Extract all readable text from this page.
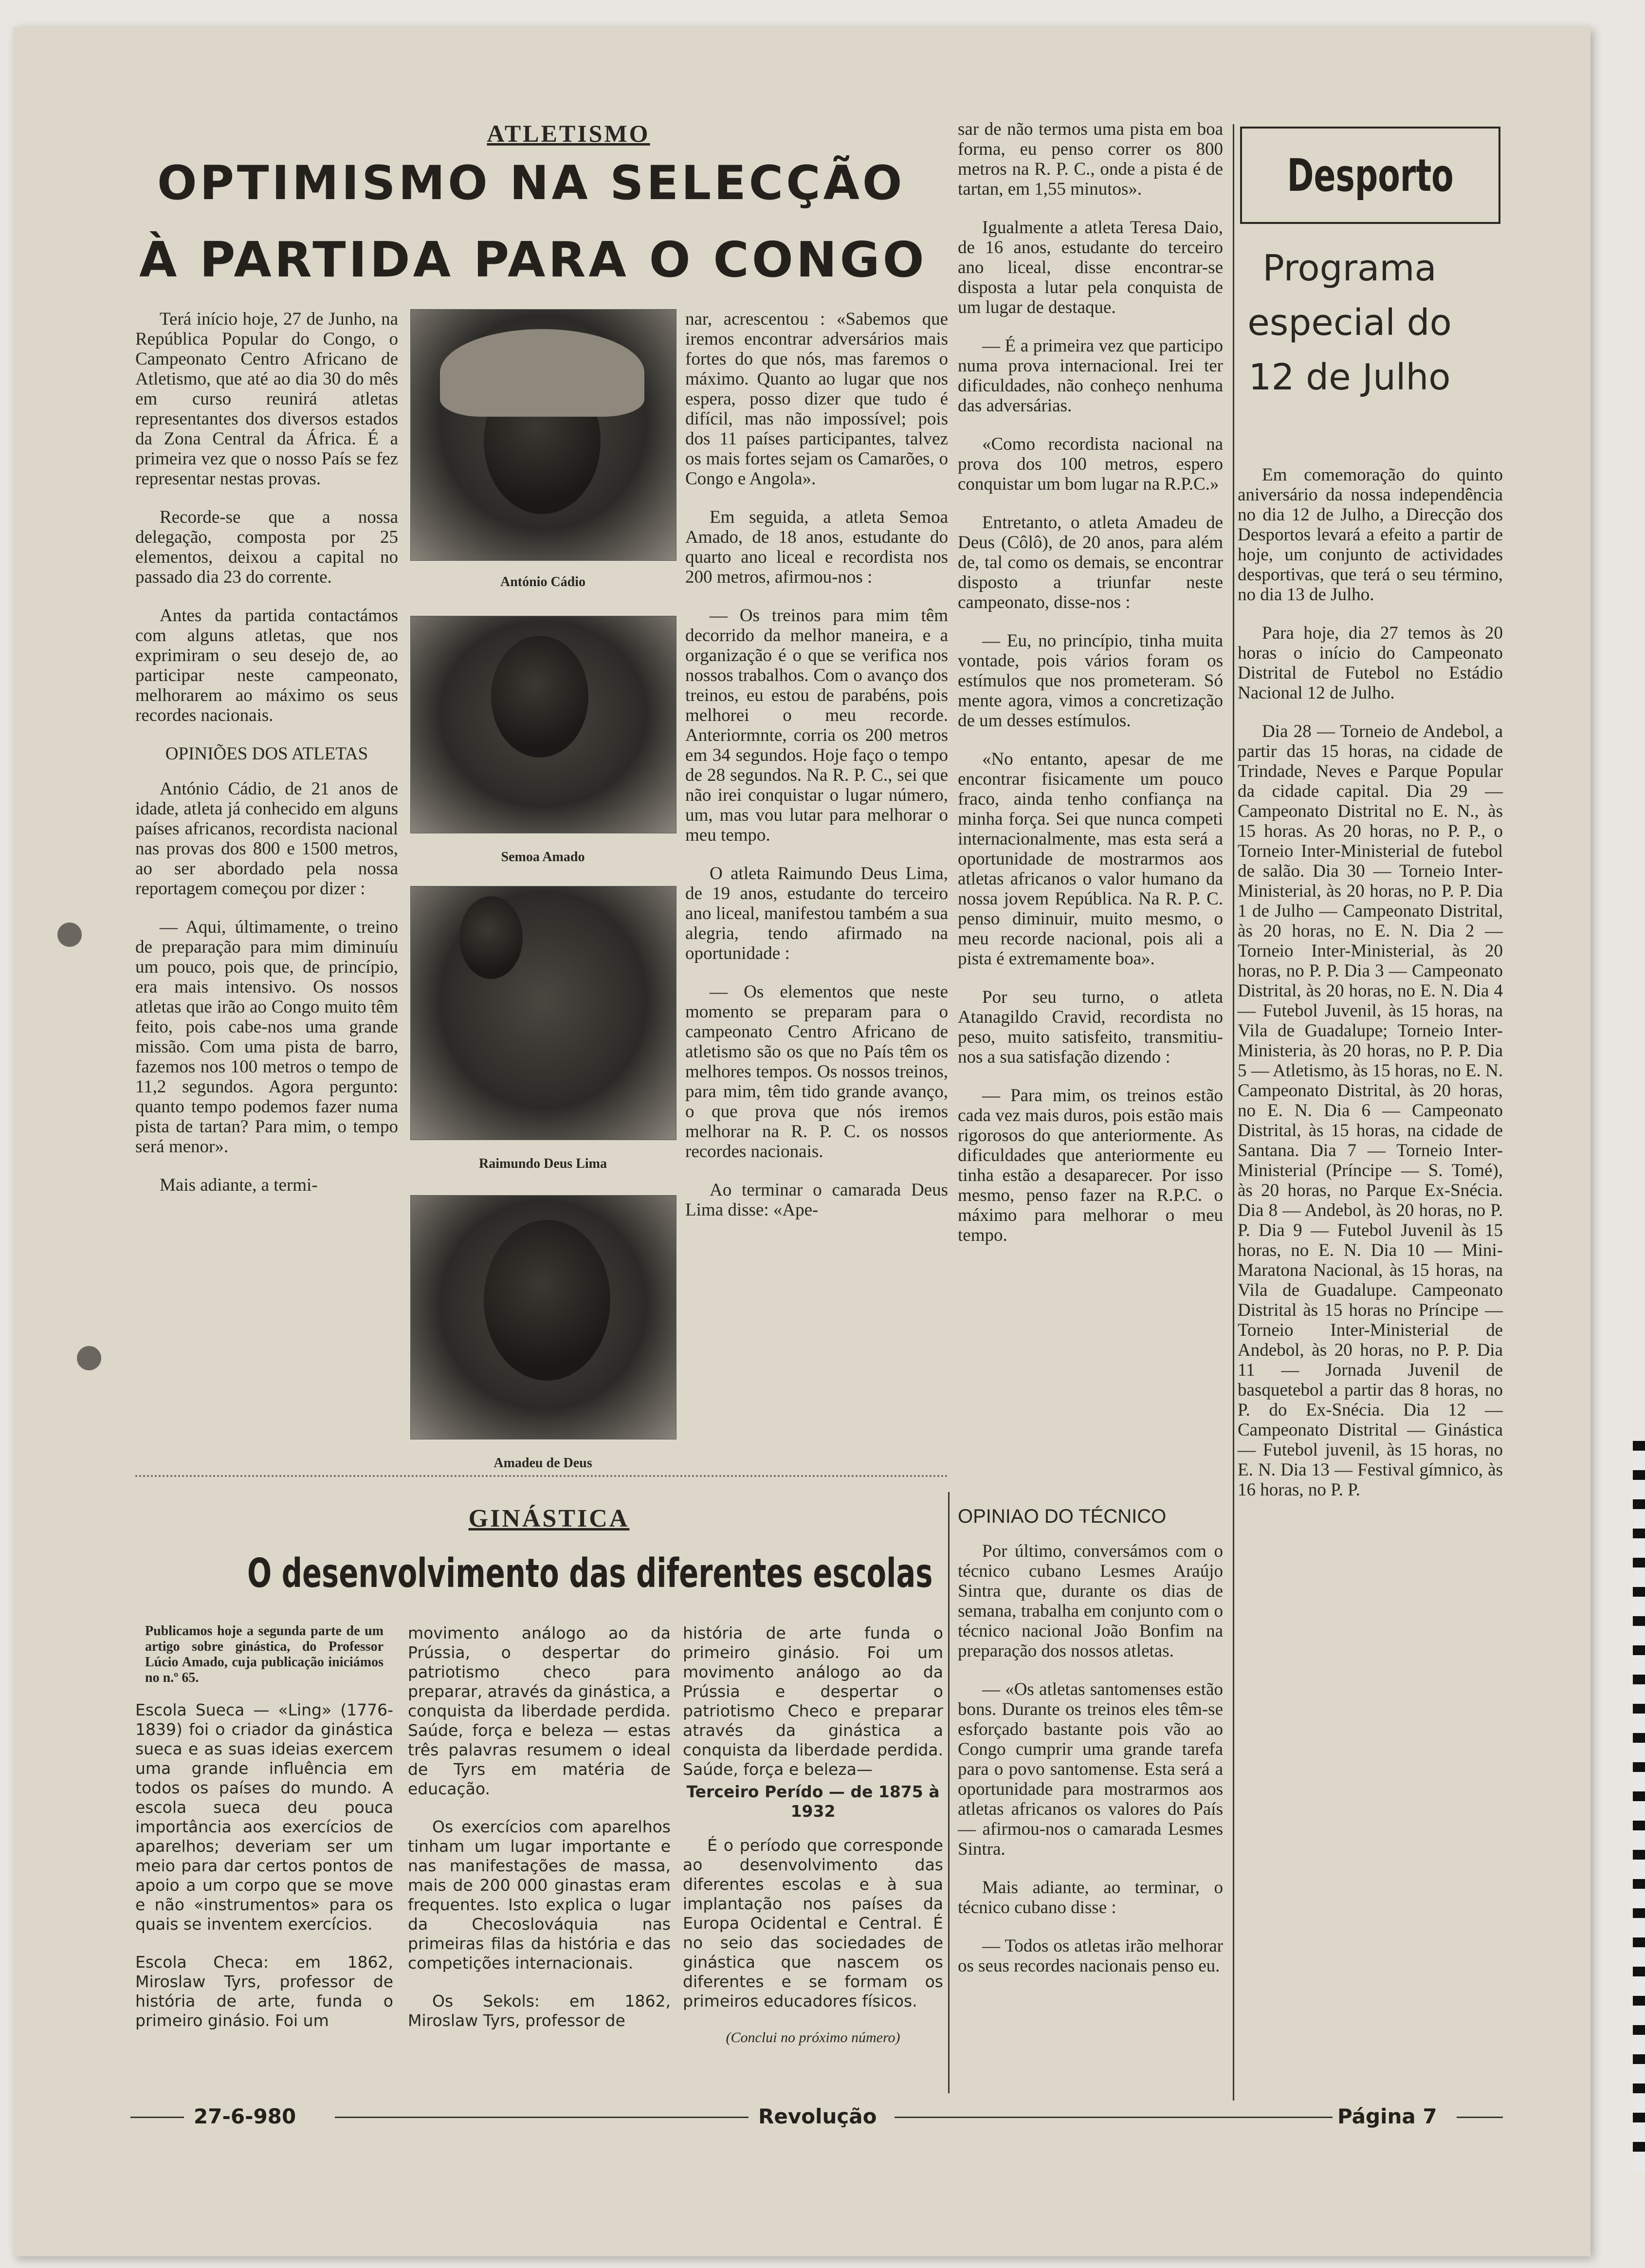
ATLETISMO
OPTIMISMO NA SELECÇÃO
À PARTIDA PARA O CONGO

Terá início hoje, 27 de Junho, na República Popular do Congo, o Campeonato Centro Africano de Atletismo, que até ao dia 30 do mês em curso reunirá atletas representantes dos diversos estados da Zona Central da África. É a primeira vez que o nosso País se fez representar nestas provas.

Recorde-se que a nossa delegação, composta por 25 elementos, deixou a capital no passado dia 23 do corrente.

Antes da partida contactámos com alguns atletas, que nos exprimiram o seu desejo de, ao participar neste campeonato, melhorarem ao máximo os seus recordes nacionais.

OPINIÕES DOS ATLETAS

António Cádio, de 21 anos de idade, atleta já conhecido em alguns países africanos, recordista nacional nas provas dos 800 e 1500 metros, ao ser abordado pela nossa reportagem começou por dizer :

— Aqui, últimamente, o treino de preparação para mim diminuíu um pouco, pois que, de princípio, era mais intensivo. Os nossos atletas que irão ao Congo muito têm feito, pois cabe-nos uma grande missão. Com uma pista de barro, fazemos nos 100 metros o tempo de 11,2 segundos. Agora pergunto: quanto tempo podemos fazer numa pista de tartan? Para mim, o tempo será menor».

Mais adiante, a termi-

António Cádio
Semoa Amado
Raimundo Deus Lima
Amadeu de Deus

nar, acrescentou : «Sabemos que iremos encontrar adversários mais fortes do que nós, mas faremos o máximo. Quanto ao lugar que nos espera, posso dizer que tudo é difícil, mas não impossível; pois dos 11 países participantes, talvez os mais fortes sejam os Camarões, o Congo e Angola».

Em seguida, a atleta Semoa Amado, de 18 anos, estudante do quarto ano liceal e recordista nos 200 metros, afirmou-nos :

— Os treinos para mim têm decorrido da melhor maneira, e a organização é o que se verifica nos nossos trabalhos. Com o avanço dos treinos, eu estou de parabéns, pois melhorei o meu recorde. Anteriormnte, corria os 200 metros em 34 segundos. Hoje faço o tempo de 28 segundos. Na R. P. C., sei que não irei conquistar o lugar número, um, mas vou lutar para melhorar o meu tempo.

O atleta Raimundo Deus Lima, de 19 anos, estudante do terceiro ano liceal, manifestou também a sua alegria, tendo afirmado na oportunidade :

— Os elementos que neste momento se preparam para o campeonato Centro Africano de atletismo são os que no País têm os melhores tempos. Os nossos treinos, para mim, têm tido grande avanço, o que prova que nós iremos melhorar na R. P. C. os nossos recordes nacionais.

Ao terminar o camarada Deus Lima disse: «Ape-

sar de não termos uma pista em boa forma, eu penso correr os 800 metros na R. P. C., onde a pista é de tartan, em 1,55 minutos».

Igualmente a atleta Teresa Daio, de 16 anos, estudante do terceiro ano liceal, disse encontrar-se disposta a lutar pela conquista de um lugar de destaque.

— É a primeira vez que participo numa prova internacional. Irei ter dificuldades, não conheço nenhuma das adversárias.

«Como recordista nacional na prova dos 100 metros, espero conquistar um bom lugar na R.P.C.»

Entretanto, o atleta Amadeu de Deus (Côlô), de 20 anos, para além de, tal como os demais, se encontrar disposto a triunfar neste campeonato, disse-nos :

— Eu, no princípio, tinha muita vontade, pois vários foram os estímulos que nos prometeram. Só mente agora, vimos a concretização de um desses estímulos.

«No entanto, apesar de me encontrar fisicamente um pouco fraco, ainda tenho confiança na minha força. Sei que nunca competi internacionalmente, mas esta será a oportunidade de mostrarmos aos atletas africanos o valor humano da nossa jovem República. Na R. P. C. penso diminuir, muito mesmo, o meu recorde nacional, pois ali a pista é extremamente boa».

Por seu turno, o atleta Atanagildo Cravid, recordista no peso, muito satisfeito, transmitiu-nos a sua satisfação dizendo :

— Para mim, os treinos estão cada vez mais duros, pois estão mais rigorosos do que anteriormente. As dificuldades que anteriormente eu tinha estão a desaparecer. Por isso mesmo, penso fazer na R.P.C. o máximo para melhorar o meu tempo.

OPINIAO DO TÉCNICO

Por último, conversámos com o técnico cubano Lesmes Araújo Sintra que, durante os dias de semana, trabalha em conjunto com o técnico nacional João Bonfim na preparação dos nossos atletas.

— «Os atletas santomenses estão bons. Durante os treinos eles têm-se esforçado bastante pois vão ao Congo cumprir uma grande tarefa para o povo santomense. Esta será a oportunidade para mostrarmos aos atletas africanos os valores do País — afirmou-nos o camarada Lesmes Sintra.

Mais adiante, ao terminar, o técnico cubano disse :

— Todos os atletas irão melhorar os seus recordes nacionais penso eu.

Desporto
Programa especial do 12 de Julho

Em comemoração do quinto aniversário da nossa independência no dia 12 de Julho, a Direcção dos Desportos levará a efeito a partir de hoje, um conjunto de actividades desportivas, que terá o seu término, no dia 13 de Julho.

Para hoje, dia 27 temos às 20 horas o início do Campeonato Distrital de Futebol no Estádio Nacional 12 de Julho.

Dia 28 — Torneio de Andebol, a partir das 15 horas, na cidade de Trindade, Neves e Parque Popular da cidade capital. Dia 29 — Campeonato Distrital no E. N., às 15 horas. As 20 horas, no P. P., o Torneio Inter-Ministerial de futebol de salão. Dia 30 — Torneio Inter-Ministerial, às 20 horas, no P. P. Dia 1 de Julho — Campeonato Distrital, às 20 horas, no E. N. Dia 2 — Torneio Inter-Ministerial, às 20 horas, no P. P. Dia 3 — Campeonato Distrital, às 20 horas, no E. N. Dia 4 — Futebol Juvenil, às 15 horas, na Vila de Guadalupe; Torneio Inter-Ministeria, às 20 horas, no P. P. Dia 5 — Atletismo, às 15 horas, no E. N. Campeonato Distrital, às 20 horas, no E. N. Dia 6 — Campeonato Distrital, às 15 horas, na cidade de Santana. Dia 7 — Torneio Inter-Ministerial (Príncipe — S. Tomé), às 20 horas, no Parque Ex-Snécia. Dia 8 — Andebol, às 20 horas, no P. P. Dia 9 — Futebol Juvenil às 15 horas, no E. N. Dia 10 — Mini-Maratona Nacional, às 15 horas, na Vila de Guadalupe. Campeonato Distrital às 15 horas no Príncipe — Torneio Inter-Ministerial de Andebol, às 20 horas, no P. P. Dia 11 — Jornada Juvenil de basquetebol a partir das 8 horas, no P. do Ex-Snécia. Dia 12 — Campeonato Distrital — Ginástica — Futebol juvenil, às 15 horas, no E. N. Dia 13 — Festival gímnico, às 16 horas, no P. P.

GINÁSTICA
O desenvolvimento das diferentes escolas
Publicamos hoje a segunda parte de um artigo sobre ginástica, do Professor Lúcio Amado, cuja publicação iniciámos no n.º 65.

Escola Sueca — «Ling» (1776-1839) foi o criador da ginástica sueca e as suas ideias exercem uma grande influência em todos os países do mundo. A escola sueca deu pouca importância aos exercícios de aparelhos; deveriam ser um meio para dar certos pontos de apoio a um corpo que se move e não «instrumentos» para os quais se inventem exercícios.

Escola Checa: em 1862, Miroslaw Tyrs, professor de história de arte, funda o primeiro ginásio. Foi um

movimento análogo ao da Prússia, o despertar do patriotismo checo para preparar, através da ginástica, a conquista da liberdade perdida. Saúde, força e beleza — estas três palavras resumem o ideal de Tyrs em matéria de educação.

Os exercícios com aparelhos tinham um lugar importante e nas manifestações de massa, mais de 200 000 ginastas eram frequentes. Isto explica o lugar da Checoslováquia nas primeiras filas da história e das competições internacionais.

Os Sekols: em 1862, Miroslaw Tyrs, professor de

história de arte funda o primeiro ginásio. Foi um movimento análogo ao da Prússia e despertar o patriotismo Checo e preparar através da ginástica a conquista da liberdade perdida. Saúde, força e beleza—

Terceiro Perído — de 1875 à 1932

É o período que corresponde ao desenvolvimento das diferentes escolas e à sua implantação nos países da Europa Ocidental e Central. É no seio das sociedades de ginástica que nascem os diferentes e se formam os primeiros educadores físicos.

(Conclui no próximo número)
27-6-980	Revolução	Página 7
